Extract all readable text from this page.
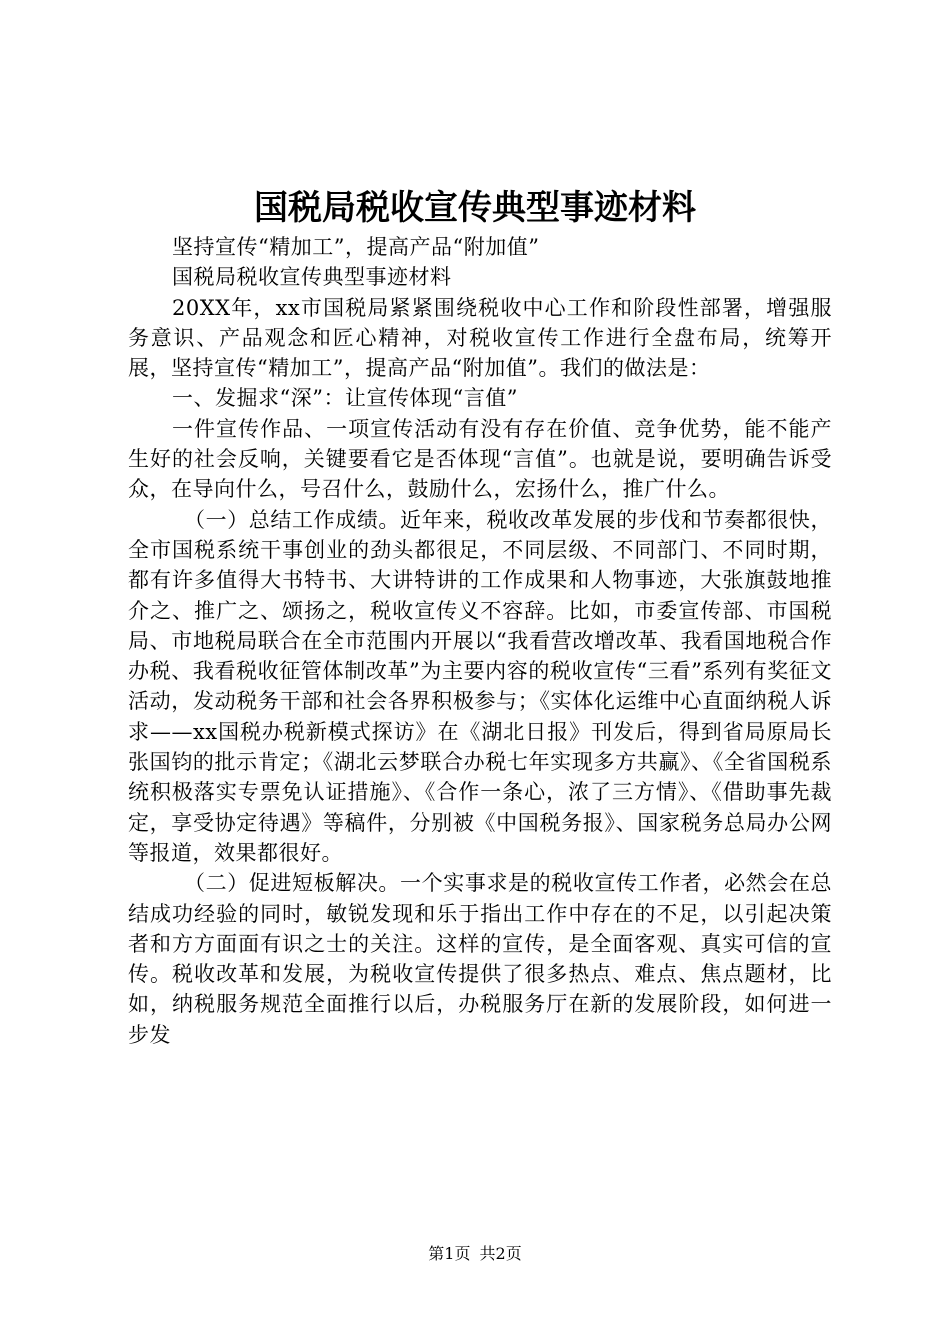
国税局税收宣传典型事迹材料

坚持宣传“精加工”，提高产品“附加值”

国税局税收宣传典型事迹材料

20XX年，xx市国税局紧紧围绕税收中心工作和阶段性部署，增强服务意识、产品观念和匠心精神，对税收宣传工作进行全盘布局，统筹开展，坚持宣传“精加工”，提高产品“附加值”。我们的做法是：

一、发掘求“深”：让宣传体现“言值”

一件宣传作品、一项宣传活动有没有存在价值、竞争优势，能不能产生好的社会反响，关键要看它是否体现“言值”。也就是说，要明确告诉受众，在导向什么，号召什么，鼓励什么，宏扬什么，推广什么。

（一）总结工作成绩。近年来，税收改革发展的步伐和节奏都很快，全市国税系统干事创业的劲头都很足，不同层级、不同部门、不同时期，都有许多值得大书特书、大讲特讲的工作成果和人物事迹，大张旗鼓地推介之、推广之、颂扬之，税收宣传义不容辞。比如，市委宣传部、市国税局、市地税局联合在全市范围内开展以“我看营改增改革、我看国地税合作办税、我看税收征管体制改革”为主要内容的税收宣传“三看”系列有奖征文活动，发动税务干部和社会各界积极参与；《实体化运维中心直面纳税人诉求——xx国税办税新模式探访》在《湖北日报》刊发后，得到省局原局长张国钧的批示肯定；《湖北云梦联合办税七年实现多方共赢》、《全省国税系统积极落实专票免认证措施》、《合作一条心，浓了三方情》、《借助事先裁定，享受协定待遇》等稿件，分别被《中国税务报》、国家税务总局办公网等报道，效果都很好。

（二）促进短板解决。一个实事求是的税收宣传工作者，必然会在总结成功经验的同时，敏锐发现和乐于指出工作中存在的不足，以引起决策者和方方面面有识之士的关注。这样的宣传，是全面客观、真实可信的宣传。税收改革和发展，为税收宣传提供了很多热点、难点、焦点题材，比如，纳税服务规范全面推行以后，办税服务厅在新的发展阶段，如何进一步发

第1页 共2页
